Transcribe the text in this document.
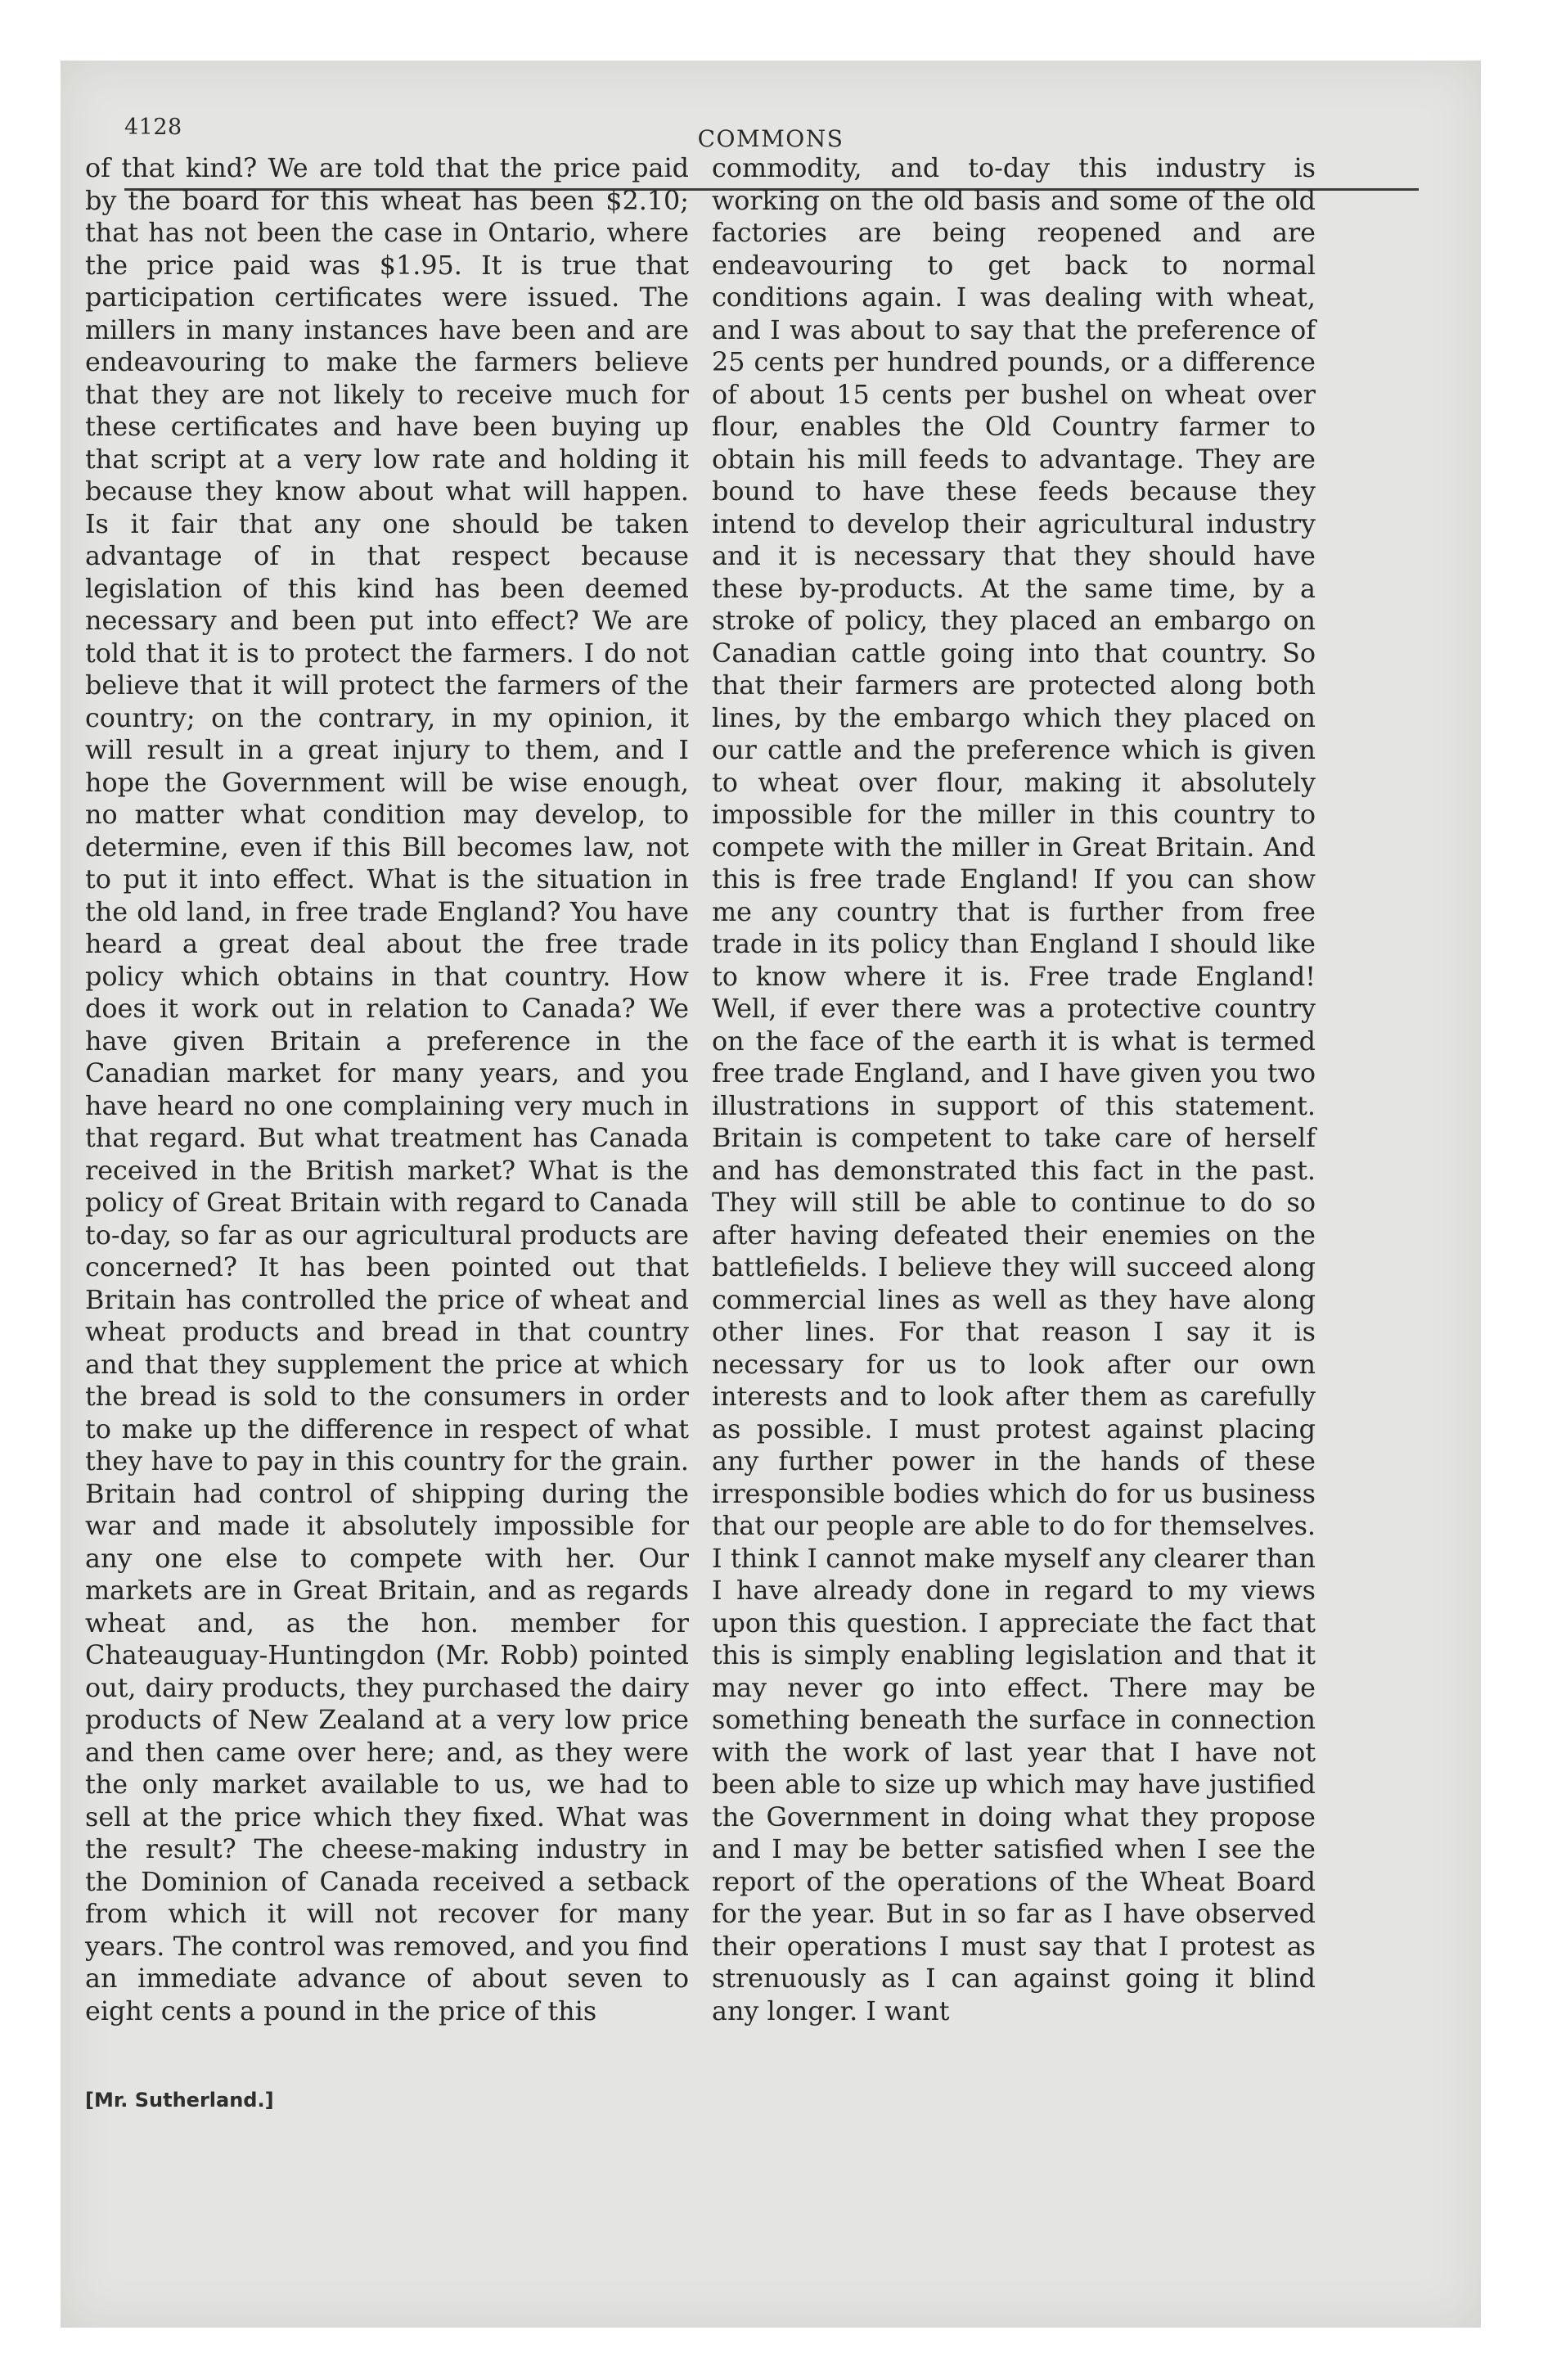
4128	COMMONS

of that kind? We are told that the price paid by the board for this wheat has been $2.10; that has not been the case in Ontario, where the price paid was $1.95. It is true that participation certificates were issued. The millers in many instances have been and are endeavouring to make the farmers believe that they are not likely to receive much for these certificates and have been buying up that script at a very low rate and holding it because they know about what will happen. Is it fair that any one should be taken advantage of in that respect because legislation of this kind has been deemed necessary and been put into effect? We are told that it is to protect the farmers. I do not believe that it will protect the farmers of the country; on the contrary, in my opinion, it will result in a great injury to them, and I hope the Government will be wise enough, no matter what condition may develop, to determine, even if this Bill becomes law, not to put it into effect. What is the situation in the old land, in free trade England? You have heard a great deal about the free trade policy which obtains in that country. How does it work out in relation to Canada? We have given Britain a preference in the Canadian market for many years, and you have heard no one complaining very much in that regard. But what treatment has Canada received in the British market? What is the policy of Great Britain with regard to Canada to-day, so far as our agricultural products are concerned? It has been pointed out that Britain has controlled the price of wheat and wheat products and bread in that country and that they supplement the price at which the bread is sold to the consumers in order to make up the difference in respect of what they have to pay in this country for the grain. Britain had control of shipping during the war and made it absolutely impossible for any one else to compete with her. Our markets are in Great Britain, and as regards wheat and, as the hon. member for Chateauguay-Huntingdon (Mr. Robb) pointed out, dairy products, they purchased the dairy products of New Zealand at a very low price and then came over here; and, as they were the only market available to us, we had to sell at the price which they fixed. What was the result? The cheese-making industry in the Dominion of Canada received a setback from which it will not recover for many years. The control was removed, and you find an immediate advance of about seven to eight cents a pound in the price of this

commodity, and to-day this industry is working on the old basis and some of the old factories are being reopened and are endeavouring to get back to normal conditions again. I was dealing with wheat, and I was about to say that the preference of 25 cents per hundred pounds, or a difference of about 15 cents per bushel on wheat over flour, enables the Old Country farmer to obtain his mill feeds to advantage. They are bound to have these feeds because they intend to develop their agricultural industry and it is necessary that they should have these by-products. At the same time, by a stroke of policy, they placed an embargo on Canadian cattle going into that country. So that their farmers are protected along both lines, by the embargo which they placed on our cattle and the preference which is given to wheat over flour, making it absolutely impossible for the miller in this country to compete with the miller in Great Britain. And this is free trade England! If you can show me any country that is further from free trade in its policy than England I should like to know where it is. Free trade England! Well, if ever there was a protective country on the face of the earth it is what is termed free trade England, and I have given you two illustrations in support of this statement. Britain is competent to take care of herself and has demonstrated this fact in the past. They will still be able to continue to do so after having defeated their enemies on the battlefields. I believe they will succeed along commercial lines as well as they have along other lines. For that reason I say it is necessary for us to look after our own interests and to look after them as carefully as possible. I must protest against placing any further power in the hands of these irresponsible bodies which do for us business that our people are able to do for themselves. I think I cannot make myself any clearer than I have already done in regard to my views upon this question. I appreciate the fact that this is simply enabling legislation and that it may never go into effect. There may be something beneath the surface in connection with the work of last year that I have not been able to size up which may have justified the Government in doing what they propose and I may be better satisfied when I see the report of the operations of the Wheat Board for the year. But in so far as I have observed their operations I must say that I protest as strenuously as I can against going it blind any longer. I want

[Mr. Sutherland.]
